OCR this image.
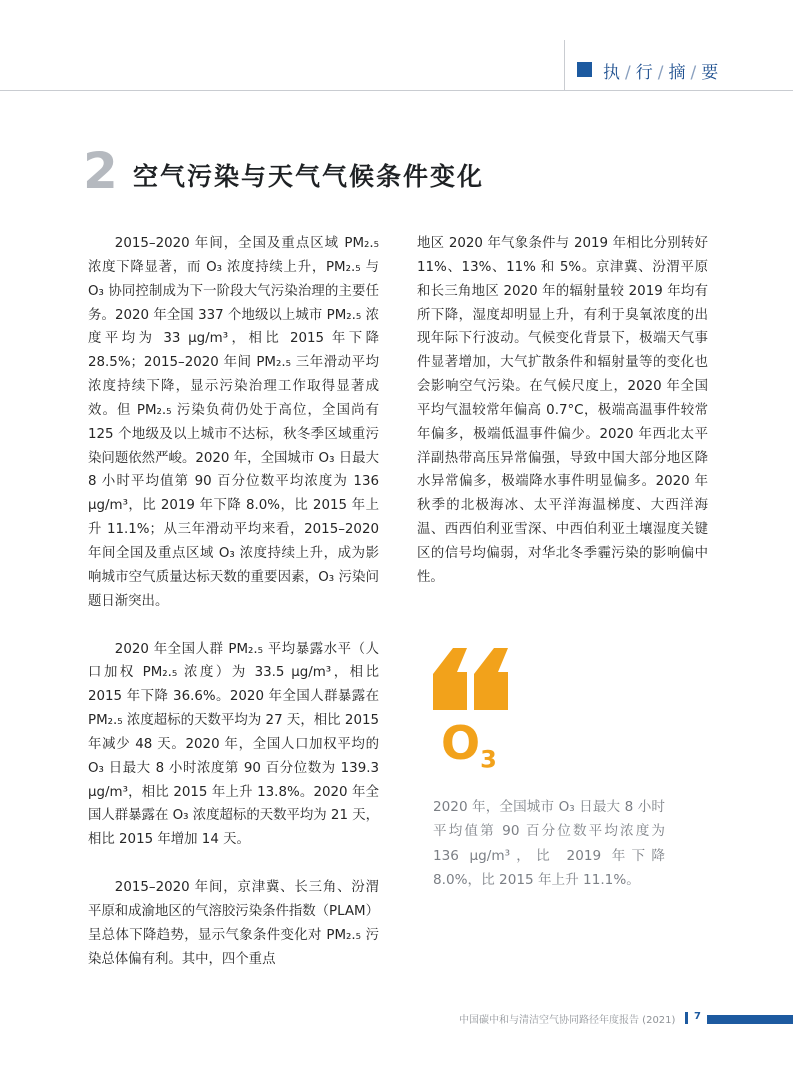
执 / 行 / 摘 / 要
2 空气污染与天气气候条件变化

2015–2020 年间，全国及重点区域 PM₂.₅ 浓度下降显著，而 O₃ 浓度持续上升，PM₂.₅ 与 O₃ 协同控制成为下一阶段大气污染治理的主要任务。2020 年全国 337 个地级以上城市 PM₂.₅ 浓度平均为 33 μg/m³，相比 2015 年下降 28.5%；2015–2020 年间 PM₂.₅ 三年滑动平均浓度持续下降，显示污染治理工作取得显著成效。但 PM₂.₅ 污染负荷仍处于高位，全国尚有 125 个地级及以上城市不达标，秋冬季区域重污染问题依然严峻。2020 年，全国城市 O₃ 日最大 8 小时平均值第 90 百分位数平均浓度为 136 μg/m³，比 2019 年下降 8.0%，比 2015 年上升 11.1%；从三年滑动平均来看，2015–2020 年间全国及重点区域 O₃ 浓度持续上升，成为影响城市空气质量达标天数的重要因素，O₃ 污染问题日渐突出。

2020 年全国人群 PM₂.₅ 平均暴露水平（人口加权 PM₂.₅ 浓度）为 33.5 μg/m³，相比 2015 年下降 36.6%。2020 年全国人群暴露在 PM₂.₅ 浓度超标的天数平均为 27 天，相比 2015 年减少 48 天。2020 年，全国人口加权平均的 O₃ 日最大 8 小时浓度第 90 百分位数为 139.3 μg/m³，相比 2015 年上升 13.8%。2020 年全国人群暴露在 O₃ 浓度超标的天数平均为 21 天，相比 2015 年增加 14 天。

2015–2020 年间，京津冀、长三角、汾渭平原和成渝地区的气溶胶污染条件指数（PLAM）呈总体下降趋势，显示气象条件变化对 PM₂.₅ 污染总体偏有利。其中，四个重点

地区 2020 年气象条件与 2019 年相比分别转好 11%、13%、11% 和 5%。京津冀、汾渭平原和长三角地区 2020 年的辐射量较 2019 年均有所下降，湿度却明显上升，有利于臭氧浓度的出现年际下行波动。气候变化背景下，极端天气事件显著增加，大气扩散条件和辐射量等的变化也会影响空气污染。在气候尺度上，2020 年全国平均气温较常年偏高 0.7°C，极端高温事件较常年偏多，极端低温事件偏少。2020 年西北太平洋副热带高压异常偏强，导致中国大部分地区降水异常偏多，极端降水事件明显偏多。2020 年秋季的北极海冰、太平洋海温梯度、大西洋海温、西西伯利亚雪深、中西伯利亚土壤湿度关键区的信号均偏弱，对华北冬季霾污染的影响偏中性。

$O_3$
2020 年，全国城市 O₃ 日最大 8 小时平均值第 90 百分位数平均浓度为 136 μg/m³，比 2019 年下降 8.0%，比 2015 年上升 11.1%。
中国碳中和与清洁空气协同路径年度报告 (2021) 7
